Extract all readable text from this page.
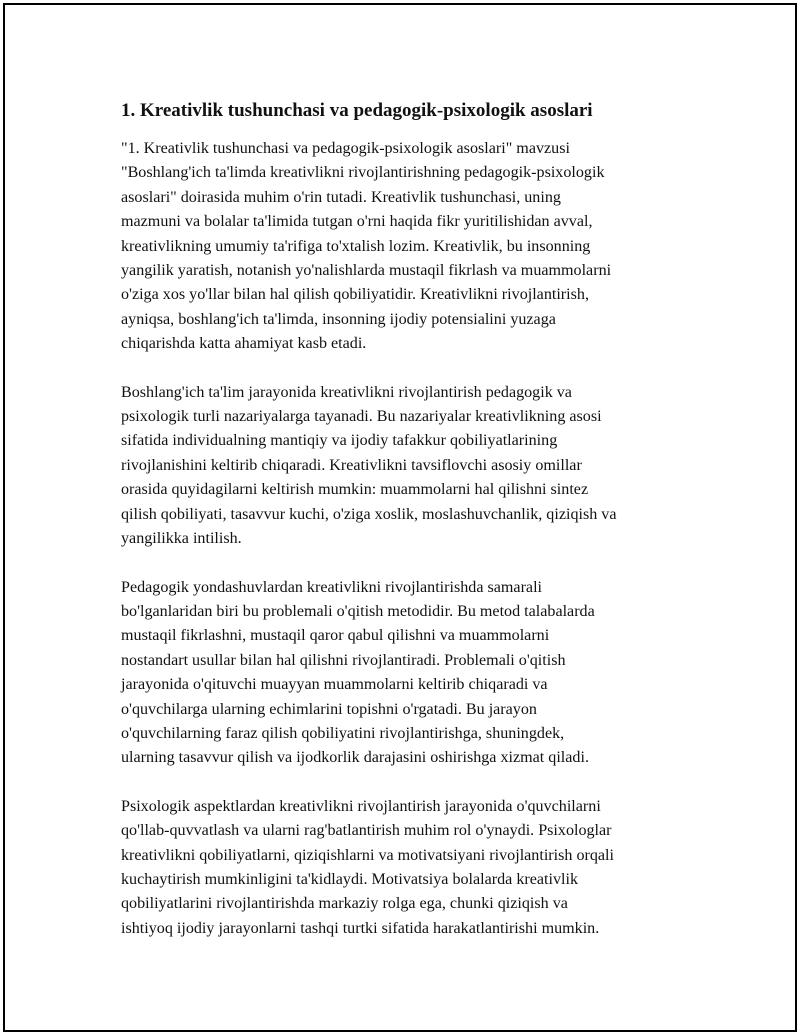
1. Kreativlik tushunchasi va pedagogik-psixologik asoslari

"1. Kreativlik tushunchasi va pedagogik-psixologik asoslari" mavzusi
"Boshlang'ich ta'limda kreativlikni rivojlantirishning pedagogik-psixologik
asoslari" doirasida muhim o'rin tutadi. Kreativlik tushunchasi, uning
mazmuni va bolalar ta'limida tutgan o'rni haqida fikr yuritilishidan avval,
kreativlikning umumiy ta'rifiga to'xtalish lozim. Kreativlik, bu insonning
yangilik yaratish, notanish yo'nalishlarda mustaqil fikrlash va muammolarni
o'ziga xos yo'llar bilan hal qilish qobiliyatidir. Kreativlikni rivojlantirish,
ayniqsa, boshlang'ich ta'limda, insonning ijodiy potensialini yuzaga
chiqarishda katta ahamiyat kasb etadi.

Boshlang'ich ta'lim jarayonida kreativlikni rivojlantirish pedagogik va
psixologik turli nazariyalarga tayanadi. Bu nazariyalar kreativlikning asosi
sifatida individualning mantiqiy va ijodiy tafakkur qobiliyatlarining
rivojlanishini keltirib chiqaradi. Kreativlikni tavsiflovchi asosiy omillar
orasida quyidagilarni keltirish mumkin: muammolarni hal qilishni sintez
qilish qobiliyati, tasavvur kuchi, o'ziga xoslik, moslashuvchanlik, qiziqish va
yangilikka intilish.

Pedagogik yondashuvlardan kreativlikni rivojlantirishda samarali
bo'lganlaridan biri bu problemali o'qitish metodidir. Bu metod talabalarda
mustaqil fikrlashni, mustaqil qaror qabul qilishni va muammolarni
nostandart usullar bilan hal qilishni rivojlantiradi. Problemali o'qitish
jarayonida o'qituvchi muayyan muammolarni keltirib chiqaradi va
o'quvchilarga ularning echimlarini topishni o'rgatadi. Bu jarayon
o'quvchilarning faraz qilish qobiliyatini rivojlantirishga, shuningdek,
ularning tasavvur qilish va ijodkorlik darajasini oshirishga xizmat qiladi.

Psixologik aspektlardan kreativlikni rivojlantirish jarayonida o'quvchilarni
qo'llab-quvvatlash va ularni rag'batlantirish muhim rol o'ynaydi. Psixologlar
kreativlikni qobiliyatlarni, qiziqishlarni va motivatsiyani rivojlantirish orqali
kuchaytirish mumkinligini ta'kidlaydi. Motivatsiya bolalarda kreativlik
qobiliyatlarini rivojlantirishda markaziy rolga ega, chunki qiziqish va
ishtiyoq ijodiy jarayonlarni tashqi turtki sifatida harakatlantirishi mumkin.
